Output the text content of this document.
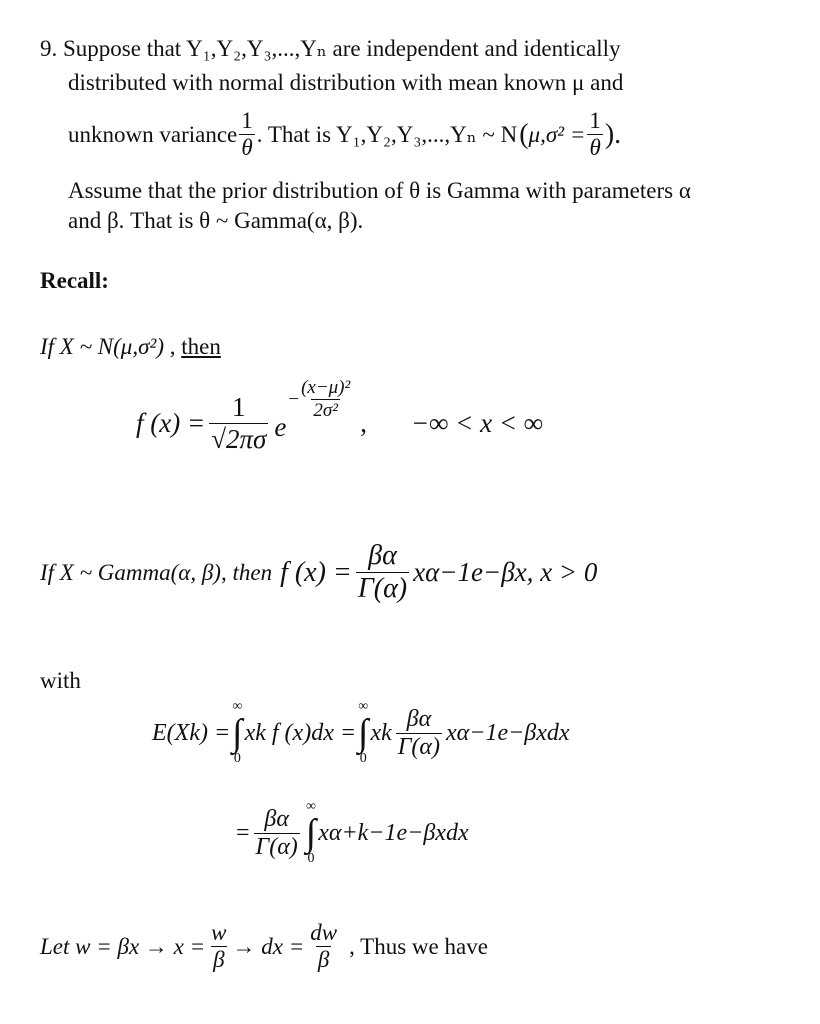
9. Suppose that Y₁,Y₂,Y₃,...,Yₙ are independent and identically
distributed with normal distribution with mean known μ and
unknown variance $\frac{1}{\theta}$ . That is Y₁,Y₂,Y₃,...,Yₙ ~ N ( $\mu,\sigma^2 = \frac{1}{\theta}$ ).
Assume that the prior distribution of θ is Gamma with parameters α
and β. That is θ ~ Gamma(α, β).
Recall:
If X ~ N(μ,σ²) , then
f $(x) = \frac{1}{√2\pi\sigma}$ e
− $\frac{\text{(x−μ)²}}{\text{2σ²}}$
, −∞ < x < ∞
If X ~ Gamma(α, β), then f $(x) = \frac{\beta\alpha}{\Gamma(\alpha)} x\alpha-1e-\beta x$, x > 0
with
E(Xk) =
∞
∫
0
xk f (x)dx =
∞
∫
0
xk $\frac{\beta\alpha}{\Gamma(\alpha)} x\alpha-1e-\beta xdx$
= $\frac{\beta\alpha}{\Gamma(\alpha)}$ ∞
∫
0
xα+k−1e−βxdx
Let $w = \beta x \to x = \frac{w}{\beta}$ → dx = $\frac{dw}{\beta}$ , Thus we have
